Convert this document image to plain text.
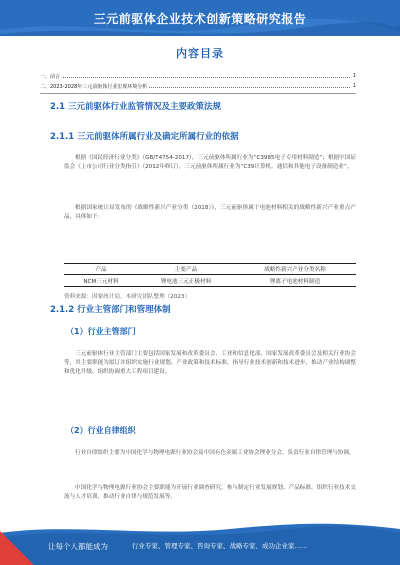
三元前驱体企业技术创新策略研究报告
内容目录
一、前言	1
二、2023-2028年三元前驱体行业宏观环境分析	1
2.1 三元前驱体行业监管情况及主要政策法规
2.1.1 三元前驱体所属行业及确定所属行业的依据

根据《国民经济行业分类》（GB/T4754-2017），三元前驱体所属行业为“C3985电子专用材料制造”；根据中国证监会《上市公司行业分类指引》（2012年修订），三元前驱体所属行业为“C39计算机、通信和其他电子设备制造业”。

根据国家统计局发布的《战略性新兴产业分类（2018）》，三元前驱体属于电池材料相关的战略性新兴产业重点产品，具体如下：

产品	主要产品	战略性新兴产业分类名称
NCM三元材料	锂电池三元正极材料	锂离子电池材料制造
资料来源：国家统计局，本研究团队整理（2023）
2.1.2 行业主管部门和管理体制
（1）行业主管部门

三元前驱体行业主管部门主要包括国家发展和改革委员会、工业和信息化部、国家发展改革委员会及相关行业协会等，其主要职能为拟订并组织实施行业规划、产业政策和技术标准，指导行业技术创新和技术进步，推动产业结构调整和优化升级，组织协调重大工程项目建设。

（2）行业自律组织

行业自律组织主要为中国化学与物理电源行业协会及中国有色金属工业协会锂业分会，负责行业自律管理与协调。

中国化学与物理电源行业协会主要职能为开展行业调查研究，参与制定行业发展规划、产品标准，组织行业技术交流与人才培训，推动行业自律与规范发展等。

让每个人都能成为	行业专家、管理专家、咨询专家、战略专家、成功企业家……
